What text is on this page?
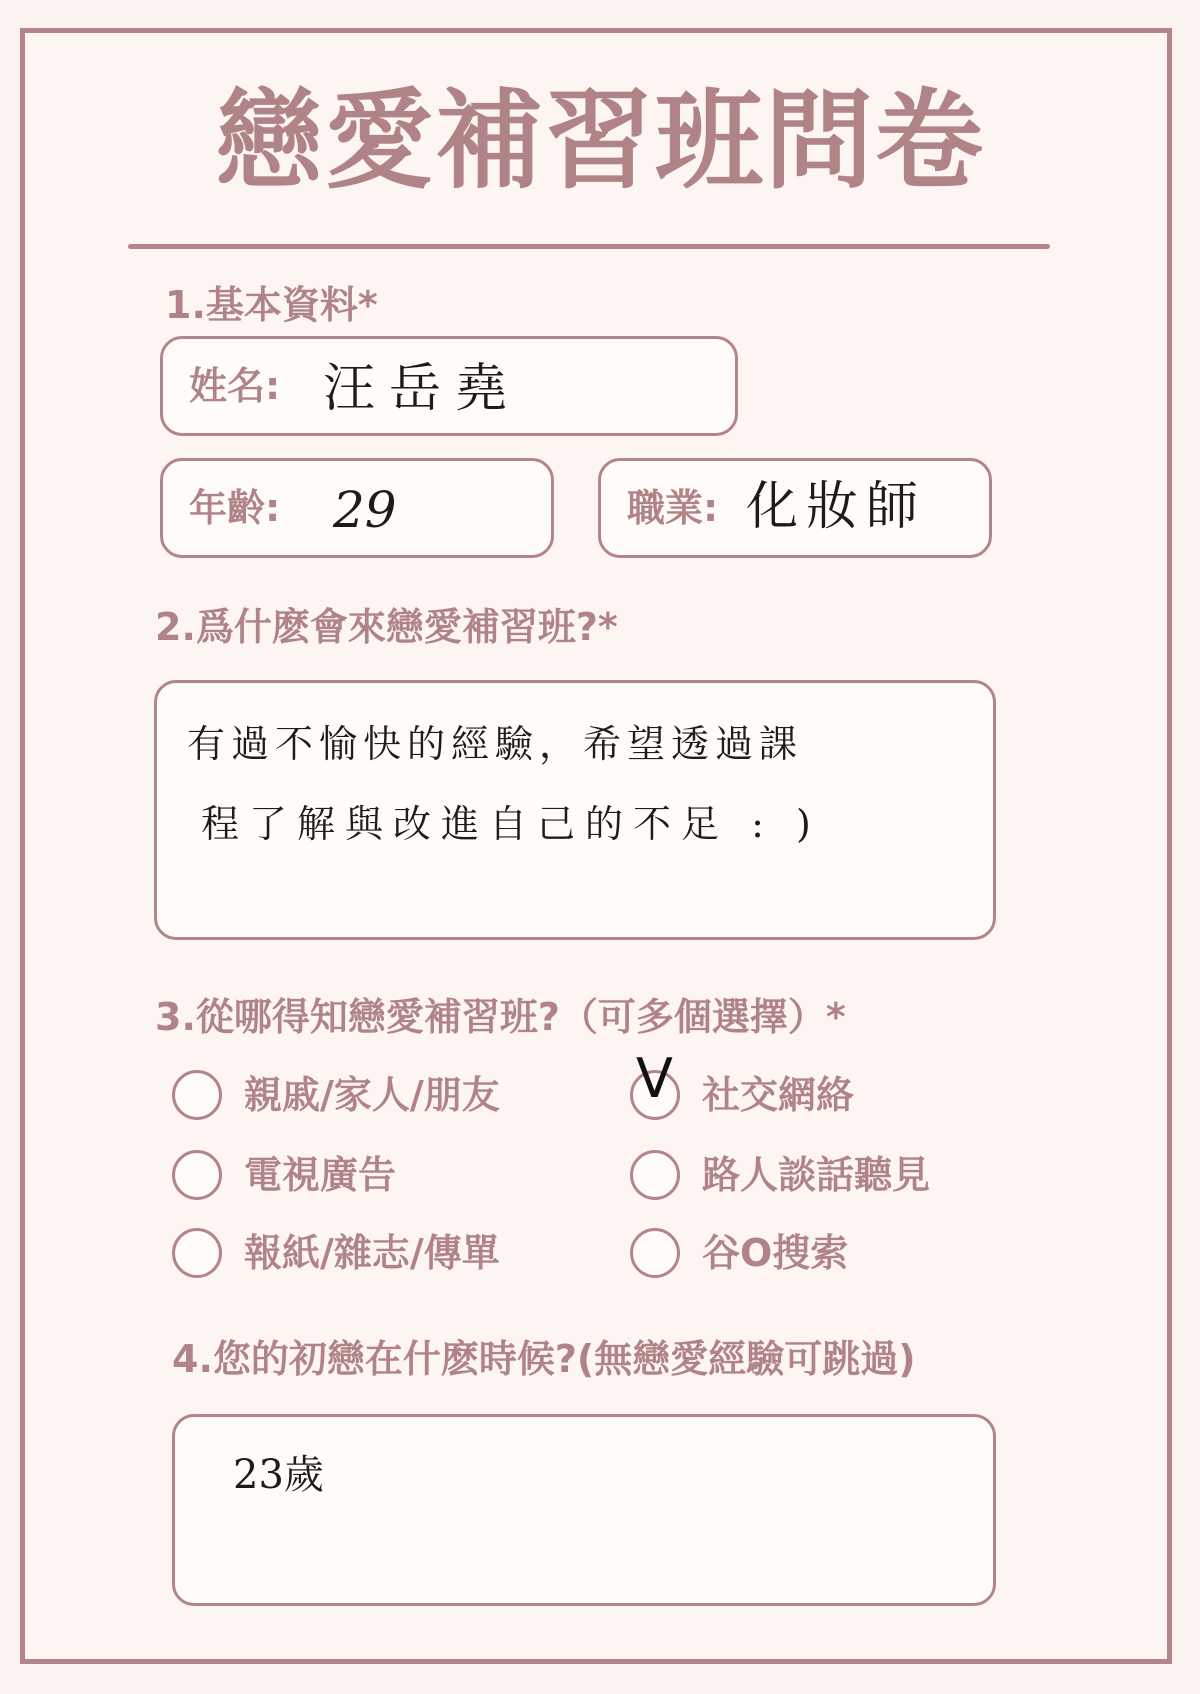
戀愛補習班問卷
1.基本資料*
姓名: 汪岳堯
年齡: 29	職業: 化妝師
2.爲什麽會來戀愛補習班?*
有過不愉快的經驗，希望透過課
程了解與改進自己的不足 : )
3.從哪得知戀愛補習班?（可多個選擇）*
親戚/家人/朋友	V 社交網絡
電視廣告	路人談話聽見
報紙/雜志/傳單	谷O搜索
4.您的初戀在什麽時候?(無戀愛經驗可跳過)
23歲
